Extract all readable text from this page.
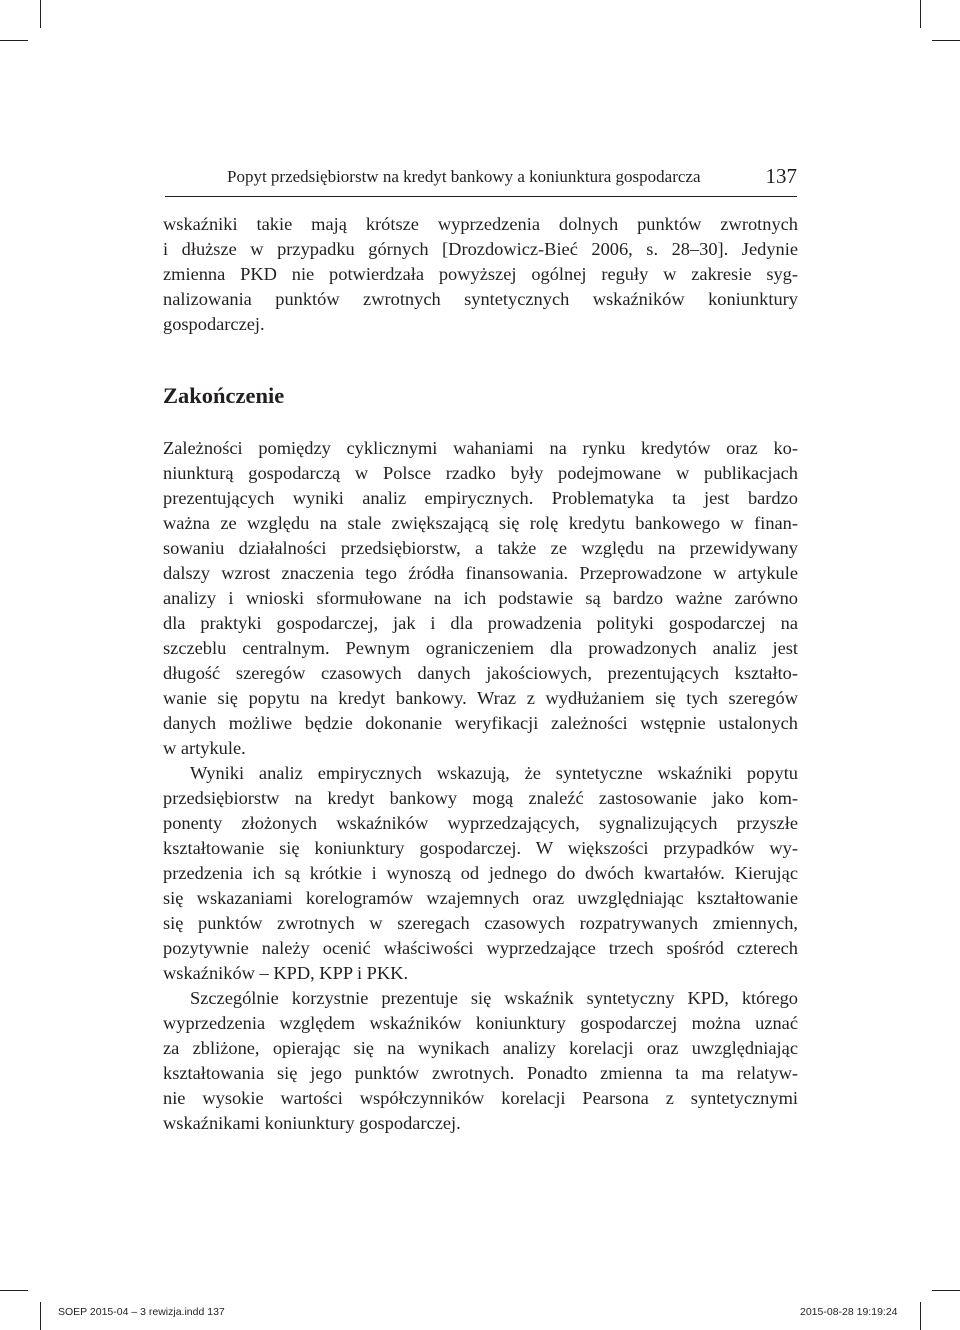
Popyt przedsiębiorstw na kredyt bankowy a koniunktura gospodarcza	137
wskaźniki takie mają krótsze wyprzedzenia dolnych punktów zwrotnych
i dłuższe w przypadku górnych [Drozdowicz-Bieć 2006, s. 28–30]. Jedynie
zmienna PKD nie potwierdzała powyższej ogólnej reguły w zakresie syg-
nalizowania punktów zwrotnych syntetycznych wskaźników koniunktury
gospodarczej.
Zakończenie
Zależności pomiędzy cyklicznymi wahaniami na rynku kredytów oraz ko-
niunkturą gospodarczą w Polsce rzadko były podejmowane w publikacjach
prezentujących wyniki analiz empirycznych. Problematyka ta jest bardzo
ważna ze względu na stale zwiększającą się rolę kredytu bankowego w finan-
sowaniu działalności przedsiębiorstw, a także ze względu na przewidywany
dalszy wzrost znaczenia tego źródła finansowania. Przeprowadzone w artykule
analizy i wnioski sformułowane na ich podstawie są bardzo ważne zarówno
dla praktyki gospodarczej, jak i dla prowadzenia polityki gospodarczej na
szczeblu centralnym. Pewnym ograniczeniem dla prowadzonych analiz jest
długość szeregów czasowych danych jakościowych, prezentujących kształto-
wanie się popytu na kredyt bankowy. Wraz z wydłużaniem się tych szeregów
danych możliwe będzie dokonanie weryfikacji zależności wstępnie ustalonych
w artykule.
Wyniki analiz empirycznych wskazują, że syntetyczne wskaźniki popytu
przedsiębiorstw na kredyt bankowy mogą znaleźć zastosowanie jako kom-
ponenty złożonych wskaźników wyprzedzających, sygnalizujących przyszłe
kształtowanie się koniunktury gospodarczej. W większości przypadków wy-
przedzenia ich są krótkie i wynoszą od jednego do dwóch kwartałów. Kierując
się wskazaniami korelogramów wzajemnych oraz uwzględniając kształtowanie
się punktów zwrotnych w szeregach czasowych rozpatrywanych zmiennych,
pozytywnie należy ocenić właściwości wyprzedzające trzech spośród czterech
wskaźników – KPD, KPP i PKK.
Szczególnie korzystnie prezentuje się wskaźnik syntetyczny KPD, którego
wyprzedzenia względem wskaźników koniunktury gospodarczej można uznać
za zbliżone, opierając się na wynikach analizy korelacji oraz uwzględniając
kształtowania się jego punktów zwrotnych. Ponadto zmienna ta ma relatyw-
nie wysokie wartości współczynników korelacji Pearsona z syntetycznymi
wskaźnikami koniunktury gospodarczej.
SOEP 2015-04 – 3 rewizja.indd 137	2015-08-28 19:19:24
